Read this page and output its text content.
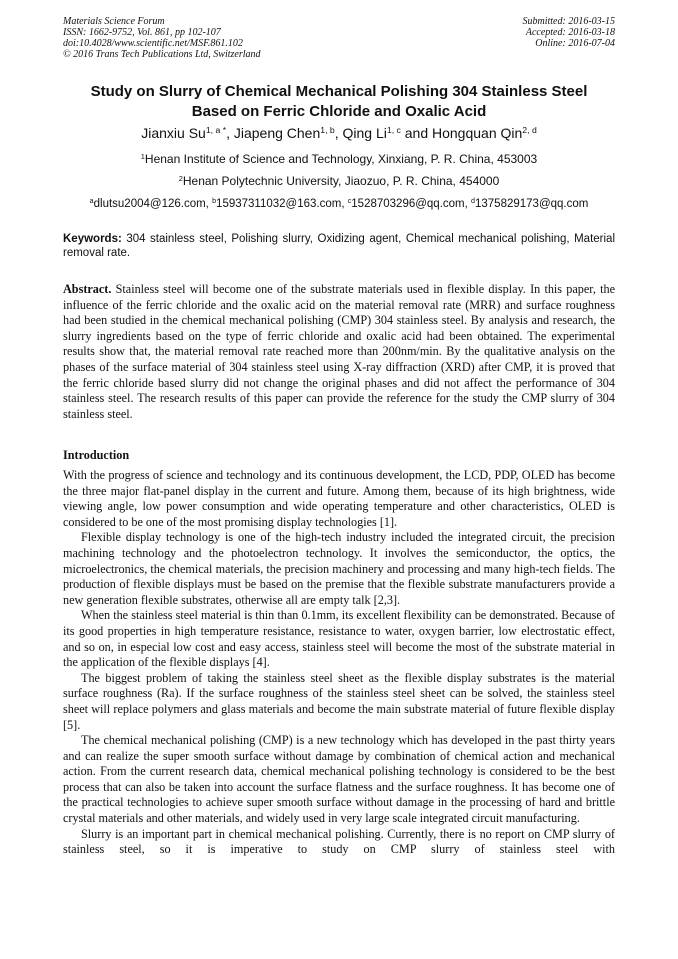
Materials Science Forum
ISSN: 1662-9752, Vol. 861, pp 102-107
doi:10.4028/www.scientific.net/MSF.861.102
© 2016 Trans Tech Publications Ltd, Switzerland
Submitted: 2016-03-15
Accepted: 2016-03-18
Online: 2016-07-04
Study on Slurry of Chemical Mechanical Polishing 304 Stainless Steel
Based on Ferric Chloride and Oxalic Acid
Jianxiu $Su^{1, a *}$, Jiapeng Chen$^{1, b}$, Qing Li$^{1, c}$ and Hongquan Qin$^{2, d}$
$^1$Henan Institute of Science and Technology, Xinxiang, P. R. China, 453003
$^2$Henan Polytechnic University, Jiaozuo, P. R. China, 454000
$^a$dlutsu2004@126.com, $^b$15937311032@163.com, $^c$1528703296@qq.com, $^d$1375829173@qq.com
Keywords: 304 stainless steel, Polishing slurry, Oxidizing agent, Chemical mechanical polishing, Material removal rate.

Abstract. Stainless steel will become one of the substrate materials used in flexible display. In this paper, the influence of the ferric chloride and the oxalic acid on the material removal rate (MRR) and surface roughness had been studied in the chemical mechanical polishing (CMP) 304 stainless steel. By analysis and research, the slurry ingredients based on the type of ferric chloride and oxalic acid had been obtained. The experimental results show that, the material removal rate reached more than 200nm/min. By the qualitative analysis on the phases of the surface material of 304 stainless steel using X-ray diffraction (XRD) after CMP, it is proved that the ferric chloride based slurry did not change the original phases and did not affect the performance of 304 stainless steel. The research results of this paper can provide the reference for the study the CMP slurry of 304 stainless steel.

Introduction

With the progress of science and technology and its continuous development, the LCD, PDP, OLED has become the three major flat-panel display in the current and future. Among them, because of its high brightness, wide viewing angle, low power consumption and wide operating temperature and other characteristics, OLED is considered to be one of the most promising display technologies [1].

Flexible display technology is one of the high-tech industry included the integrated circuit, the precision machining technology and the photoelectron technology. It involves the semiconductor, the optics, the microelectronics, the chemical materials, the precision machinery and processing and many high-tech fields. The production of flexible displays must be based on the premise that the flexible substrate manufacturers provide a new generation flexible substrates, otherwise all are empty talk [2,3].

When the stainless steel material is thin than 0.1mm, its excellent flexibility can be demonstrated. Because of its good properties in high temperature resistance, resistance to water, oxygen barrier, low electrostatic effect, and so on, in especial low cost and easy access, stainless steel will become the most of the substrate material in the application of the flexible displays [4].

The biggest problem of taking the stainless steel sheet as the flexible display substrates is the material surface roughness (Ra). If the surface roughness of the stainless steel sheet can be solved, the stainless steel sheet will replace polymers and glass materials and become the main substrate material of future flexible display [5].

The chemical mechanical polishing (CMP) is a new technology which has developed in the past thirty years and can realize the super smooth surface without damage by combination of chemical action and mechanical action. From the current research data, chemical mechanical polishing technology is considered to be the best process that can also be taken into account the surface flatness and the surface roughness. It has become one of the practical technologies to achieve super smooth surface without damage in the processing of hard and brittle crystal materials and other materials, and widely used in very large scale integrated circuit manufacturing.

Slurry is an important part in chemical mechanical polishing. Currently, there is no report on CMP slurry of stainless steel, so it is imperative to study on CMP slurry of stainless steel with
